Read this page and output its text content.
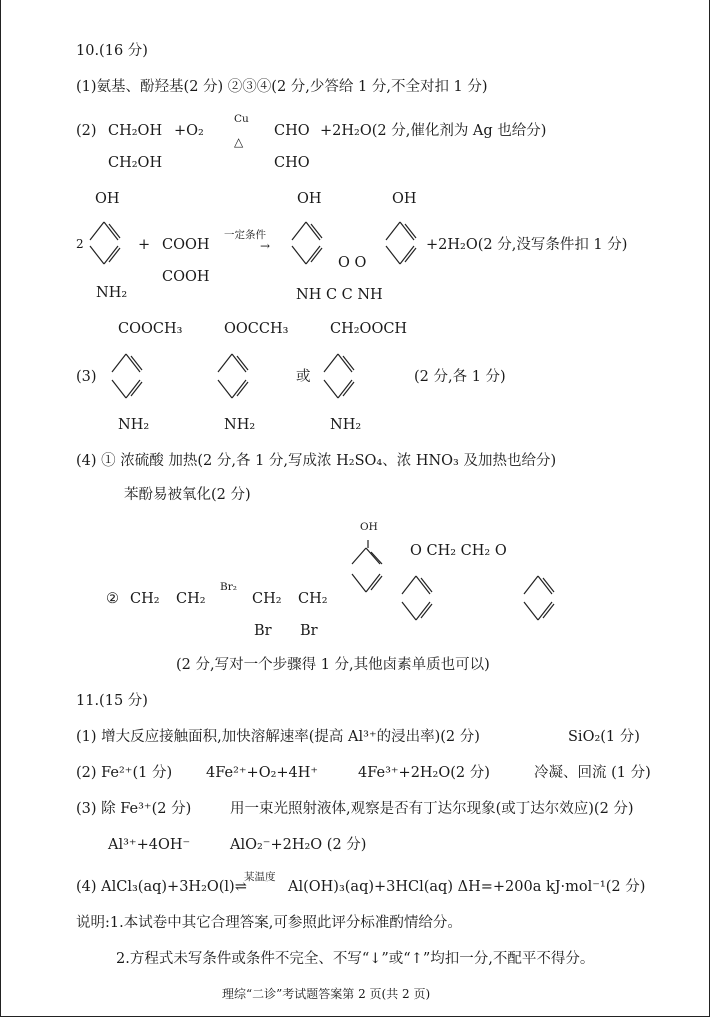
10.(16 分)
(1)氨基、酚羟基(2 分) ②③④(2 分,少答给 1 分,不全对扣 1 分)
(2) CH₂OH
CH₂OH
+O₂
Cu
△
CHO
CHO
+2H₂O(2 分,催化剂为 Ag 也给分)
OH
2
NH₂
+ COOH
COOH
一定条件
→
OH	OH
O O
NH C C NH
+2H₂O(2 分,没写条件扣 1 分)
COOCH₃	OOCCH₃	CH₂OOCH
(3)	或	(2 分,各 1 分)
NH₂	NH₂	NH₂
(4) ① 浓硫酸 加热(2 分,各 1 分,写成浓 H₂SO₄、浓 HNO₃ 及加热也给分)
苯酚易被氧化(2 分)
OH
O CH₂ CH₂ O
② CH₂ CH₂
Br₂
CH₂ CH₂
Br Br
(2 分,写对一个步骤得 1 分,其他卤素单质也可以)
11.(15 分)
(1) 增大反应接触面积,加快溶解速率(提高 Al³⁺的浸出率)(2 分)	SiO₂(1 分)
(2) Fe²⁺(1 分) 4Fe²⁺+O₂+4H⁺	4Fe³⁺+2H₂O(2 分)	冷凝、回流 (1 分)
(3) 除 Fe³⁺(2 分)	用一束光照射液体,观察是否有丁达尔现象(或丁达尔效应)(2 分)
Al³⁺+4OH⁻	AlO₂⁻+2H₂O (2 分)
某温度
(4) AlCl₃(aq)+3H₂O(l)⇌	Al(OH)₃(aq)+3HCl(aq) ΔH=+200a kJ·mol⁻¹(2 分)
说明:1.本试卷中其它合理答案,可参照此评分标准酌情给分。
2.方程式未写条件或条件不完全、不写“↓”或“↑”均扣一分,不配平不得分。
理综“二诊”考试题答案第 2 页(共 2 页)
